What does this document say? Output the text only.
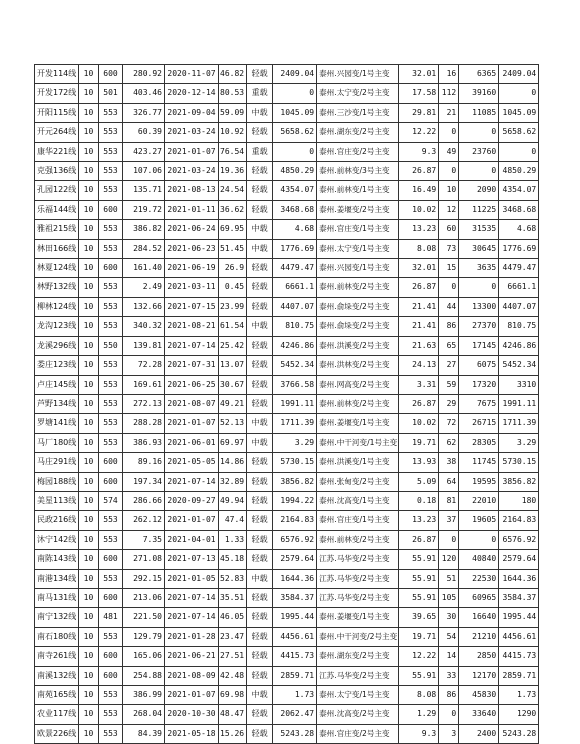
开发114线	10	600	280.92	2020-11-07	46.82	轻载	2409.04	泰州.兴园变/1号主变	32.01	16	6365	2409.04
开发172线	10	501	403.46	2020-12-14	80.53	重载	0	泰州.太宁变/2号主变	17.58	112	39160	0
开阳115线	10	553	326.77	2021-09-04	59.09	中载	1045.09	泰州.三沙变/1号主变	29.81	21	11085	1045.09
开元264线	10	553	60.39	2021-03-24	10.92	轻载	5658.62	泰州.湖东变/2号主变	12.22	0	0	5658.62
康华221线	10	553	423.27	2021-01-07	76.54	重载	0	泰州.官庄变/2号主变	9.3	49	23760	0
克强136线	10	553	107.06	2021-03-24	19.36	轻载	4850.29	泰州.前林变/3号主变	26.87	0	0	4850.29
孔园122线	10	553	135.71	2021-08-13	24.54	轻载	4354.07	泰州.前林变/1号主变	16.49	10	2090	4354.07
乐福144线	10	600	219.72	2021-01-11	36.62	轻载	3468.68	泰州.姜堰变/2号主变	10.02	12	11225	3468.68
雅祖215线	10	553	386.82	2021-06-24	69.95	中载	4.68	泰州.官庄变/1号主变	13.23	60	31535	4.68
林田166线	10	553	284.52	2021-06-23	51.45	中载	1776.69	泰州.太宁变/1号主变	8.08	73	30645	1776.69
林夏124线	10	600	161.40	2021-06-19	26.9	轻载	4479.47	泰州.兴园变/1号主变	32.01	15	3635	4479.47
林野132线	10	553	2.49	2021-03-11	0.45	轻载	6661.1	泰州.前林变/2号主变	26.87	0	0	6661.1
柳林124线	10	553	132.66	2021-07-15	23.99	轻载	4407.07	泰州.俞垛变/2号主变	21.41	44	13300	4407.07
龙沟123线	10	553	340.32	2021-08-21	61.54	中载	810.75	泰州.俞垛变/2号主变	21.41	86	27370	810.75
龙溪296线	10	550	139.81	2021-07-14	25.42	轻载	4246.86	泰州.洪溪变/2号主变	21.63	65	17145	4246.86
娄庄123线	10	553	72.28	2021-07-31	13.07	轻载	5452.34	泰州.洪林变/2号主变	24.13	27	6075	5452.34
卢庄145线	10	553	169.61	2021-06-25	30.67	轻载	3766.58	泰州.网高变/2号主变	3.31	59	17320	3310
芦野134线	10	553	272.13	2021-08-07	49.21	轻载	1991.11	泰州.前林变/2号主变	26.87	29	7675	1991.11
罗塘141线	10	553	288.28	2021-01-07	52.13	中载	1711.39	泰州.姜堰变/1号主变	10.02	72	26715	1711.39
马厂180线	10	553	386.93	2021-06-01	69.97	中载	3.29	泰州.中干河变/1号主变	19.71	62	28305	3.29
马庄291线	10	600	89.16	2021-05-05	14.86	轻载	5730.15	泰州.洪溪变/1号主变	13.93	38	11745	5730.15
梅园188线	10	600	197.34	2021-07-14	32.89	轻载	3856.82	泰州.张甸变/2号主变	5.09	64	19595	3856.82
美星113线	10	574	286.66	2020-09-27	49.94	轻载	1994.22	泰州.沈高变/1号主变	0.18	81	22010	180
民政216线	10	553	262.12	2021-01-07	47.4	轻载	2164.83	泰州.官庄变/1号主变	13.23	37	19605	2164.83
沐宁142线	10	553	7.35	2021-04-01	1.33	轻载	6576.92	泰州.前林变/2号主变	26.87	0	0	6576.92
南陈143线	10	600	271.08	2021-07-13	45.18	轻载	2579.64	江苏.马华变/2号主变	55.91	120	40840	2579.64
南港134线	10	553	292.15	2021-01-05	52.83	中载	1644.36	江苏.马华变/2号主变	55.91	51	22530	1644.36
南马131线	10	600	213.06	2021-07-14	35.51	轻载	3584.37	江苏.马华变/2号主变	55.91	105	60965	3584.37
南宁132线	10	481	221.50	2021-07-14	46.05	轻载	1995.44	泰州.姜堰变/1号主变	39.65	30	16640	1995.44
南石180线	10	553	129.79	2021-01-28	23.47	轻载	4456.61	泰州.中干河变/2号主变	19.71	54	21210	4456.61
南寺261线	10	600	165.06	2021-06-21	27.51	轻载	4415.73	泰州.湖东变/2号主变	12.22	14	2850	4415.73
南溪132线	10	600	254.88	2021-08-09	42.48	轻载	2859.71	江苏.马华变/2号主变	55.91	33	12170	2859.71
南苑165线	10	553	386.99	2021-01-07	69.98	中载	1.73	泰州.太宁变/1号主变	8.08	86	45830	1.73
农业117线	10	553	268.04	2020-10-30	48.47	轻载	2062.47	泰州.沈高变/2号主变	1.29	0	33640	1290
欧景226线	10	553	84.39	2021-05-18	15.26	轻载	5243.28	泰州.官庄变/2号主变	9.3	3	2400	5243.28
